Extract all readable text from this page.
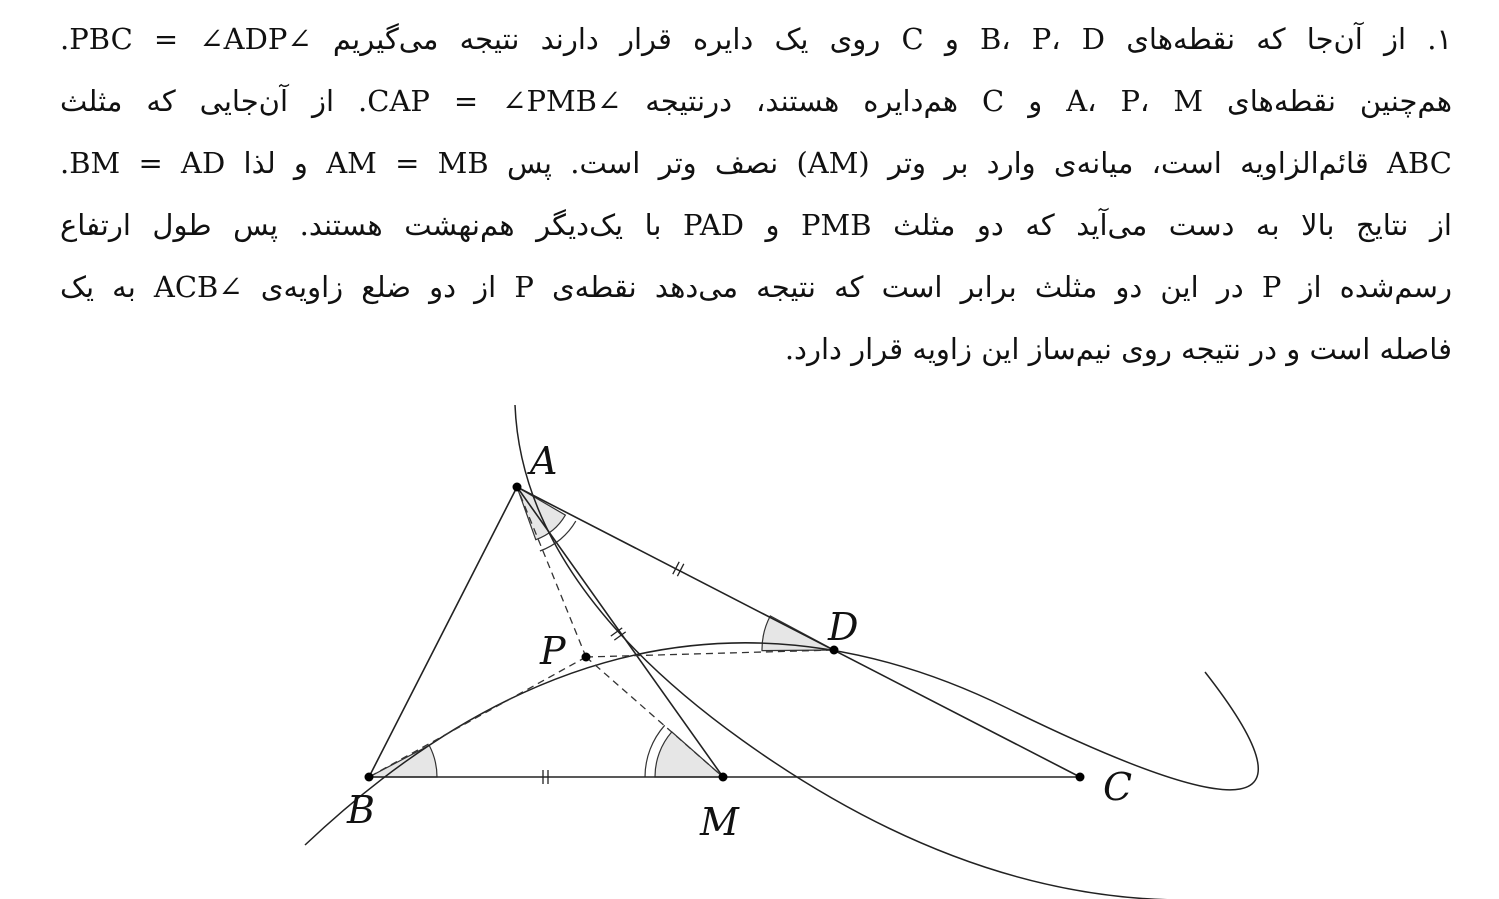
۱. از آن‌جا که نقطه‌های B، P، D و C روی یک دایره قرار دارند نتیجه می‌گیریم ∠PBC = ∠ADP.
هم‌چنین نقطه‌های A، P، M و C هم‌دایره هستند، درنتیجه ∠CAP = ∠PMB. از آن‌جایی که مثلث
ABC قائم‌الزاویه است، میانه‌ی وارد بر وتر (AM) نصف وتر است. پس AM = MB و لذا BM = AD.
از نتایج بالا به دست می‌آید که دو مثلث PMB و PAD با یک‌دیگر هم‌نهشت هستند. پس طول ارتفاع
رسم‌شده از P در این دو مثلث برابر است که نتیجه می‌دهد نقطه‌ی P از دو ضلع زاویه‌ی ∠ACB به یک
فاصله است و در نتیجه روی نیم‌ساز این زاویه قرار دارد.
A
B
C
D
M
P
